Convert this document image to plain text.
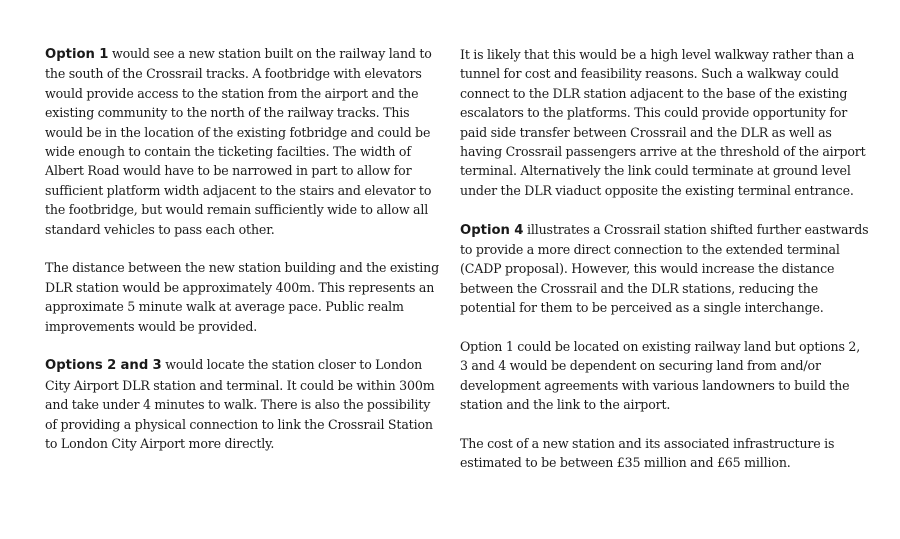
Option 1 would see a new station built on the railway land to the south of the Crossrail tracks. A footbridge with elevators would provide access to the station from the airport and the existing community to the north of the railway tracks. This would be in the location of the existing fotbridge and could be wide enough to contain the ticketing facilties. The width of Albert Road would have to be narrowed in part to allow for sufficient platform width adjacent to the stairs and elevator to the footbridge, but would remain sufficiently wide to allow all standard vehicles to pass each other.

The distance between the new station building and the existing DLR station would be approximately 400m. This represents an approximate 5 minute walk at average pace. Public realm improvements would be provided.

Options 2 and 3 would locate the station closer to London City Airport DLR station and terminal. It could be within 300m and take under 4 minutes to walk. There is also the possibility of providing a physical connection to link the Crossrail Station to London City Airport more directly.

It is likely that this would be a high level walkway rather than a tunnel for cost and feasibility reasons. Such a walkway could connect to the DLR station adjacent to the base of the existing escalators to the platforms. This could provide opportunity for paid side transfer between Crossrail and the DLR as well as having Crossrail passengers arrive at the threshold of the airport terminal. Alternatively the link could terminate at ground level under the DLR viaduct opposite the existing terminal entrance.

Option 4 illustrates a Crossrail station shifted further eastwards to provide a more direct connection to the extended terminal (CADP proposal). However, this would increase the distance between the Crossrail and the DLR stations, reducing the potential for them to be perceived as a single interchange.

Option 1 could be located on existing railway land but options 2, 3 and 4 would be dependent on securing land from and/or development agreements with various landowners to build the station and the link to the airport.

The cost of a new station and its associated infrastructure is estimated to be between £35 million and £65 million.
